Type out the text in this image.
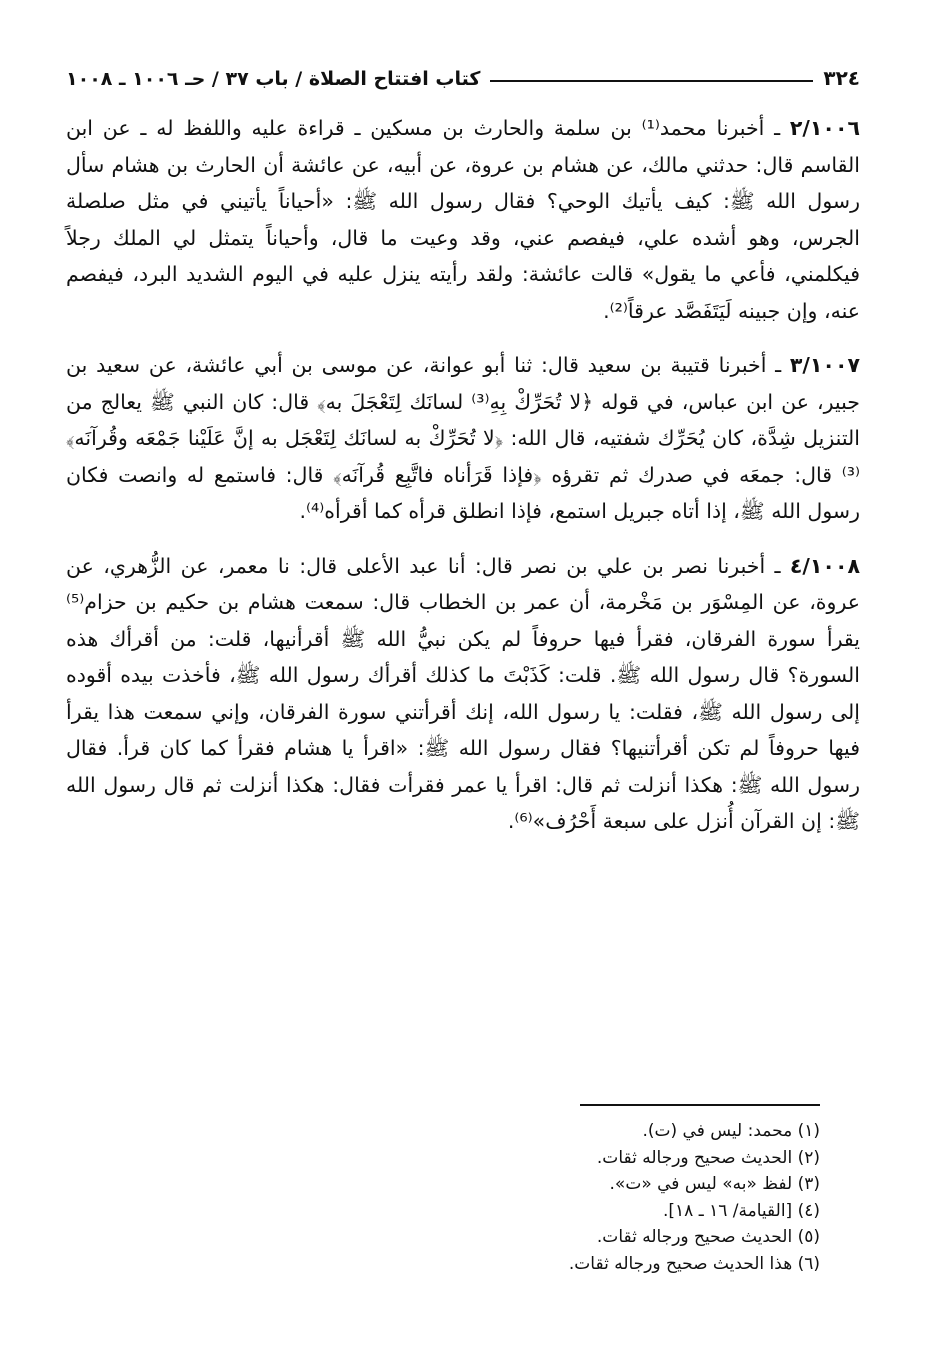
٣٢٤
كتاب افتتاح الصلاة / باب ٣٧ / حـ ١٠٠٦ ـ ١٠٠٨

٢/١٠٠٦ ـ أخبرنا محمد⁽¹⁾ بن سلمة والحارث بن مسكين ـ قراءة عليه واللفظ له ـ عن ابن القاسم قال: حدثني مالك، عن هشام بن عروة، عن أبيه، عن عائشة أن الحارث بن هشام سأل رسول الله ﷺ: كيف يأتيك الوحي؟ فقال رسول الله ﷺ: «أحياناً يأتيني في مثل صلصلة الجرس، وهو أشده علي، فيفصم عني، وقد وعيت ما قال، وأحياناً يتمثل لي الملك رجلاً فيكلمني، فأعي ما يقول» قالت عائشة: ولقد رأيته ينزل عليه في اليوم الشديد البرد، فيفصم عنه، وإن جبينه لَيَتَفَصَّد عرقاً⁽²⁾.

٣/١٠٠٧ ـ أخبرنا قتيبة بن سعيد قال: ثنا أبو عوانة، عن موسى بن أبي عائشة، عن سعيد بن جبير، عن ابن عباس، في قوله ﴿لا تُحَرِّكْ بِهِ⁽³⁾ لسانَك لِتَعْجَلَ به﴾ قال: كان النبي ﷺ يعالج من التنزيل شِدَّة، كان يُحَرِّك شفتيه، قال الله: ﴿لا تُحَرِّكْ به لسانَك لِتَعْجَل به إنَّ عَلَيْنا جَمْعَه وقُرآنَه﴾⁽³⁾ قال: جمعَه في صدرك ثم تقرؤه ﴿فإذا قَرَأناه فاتَّبِع قُرآنَه﴾ قال: فاستمع له وانصت فكان رسول الله ﷺ، إذا أتاه جبريل استمع، فإذا انطلق قرأه كما أقرأه⁽⁴⁾.

٤/١٠٠٨ ـ أخبرنا نصر بن علي بن نصر قال: أنا عبد الأعلى قال: نا معمر، عن الزُّهري، عن عروة، عن المِسْوَر بن مَخْرمة، أن عمر بن الخطاب قال: سمعت هشام بن حكيم بن حزام⁽⁵⁾ يقرأ سورة الفرقان، فقرأ فيها حروفاً لم يكن نبيُّ الله ﷺ أقرأنيها، قلت: من أقرأك هذه السورة؟ قال رسول الله ﷺ. قلت: كَذَبْتَ ما كذلك أقرأك رسول الله ﷺ، فأخذت بيده أقوده إلى رسول الله ﷺ، فقلت: يا رسول الله، إنك أقرأتني سورة الفرقان، وإني سمعت هذا يقرأ فيها حروفاً لم تكن أقرأتنيها؟ فقال رسول الله ﷺ: «اقرأ يا هشام فقرأ كما كان قرأ. فقال رسول الله ﷺ: هكذا أنزلت ثم قال: اقرأ يا عمر فقرأت فقال: هكذا أنزلت ثم قال رسول الله ﷺ: إن القرآن أُنزل على سبعة أَحْرُف»⁽⁶⁾.

(١) محمد: ليس في (ت).
(٢) الحديث صحيح ورجاله ثقات.
(٣) لفظ «به» ليس في «ت».
(٤) [القيامة/ ١٦ ـ ١٨].
(٥) الحديث صحيح ورجاله ثقات.
(٦) هذا الحديث صحيح ورجاله ثقات.
